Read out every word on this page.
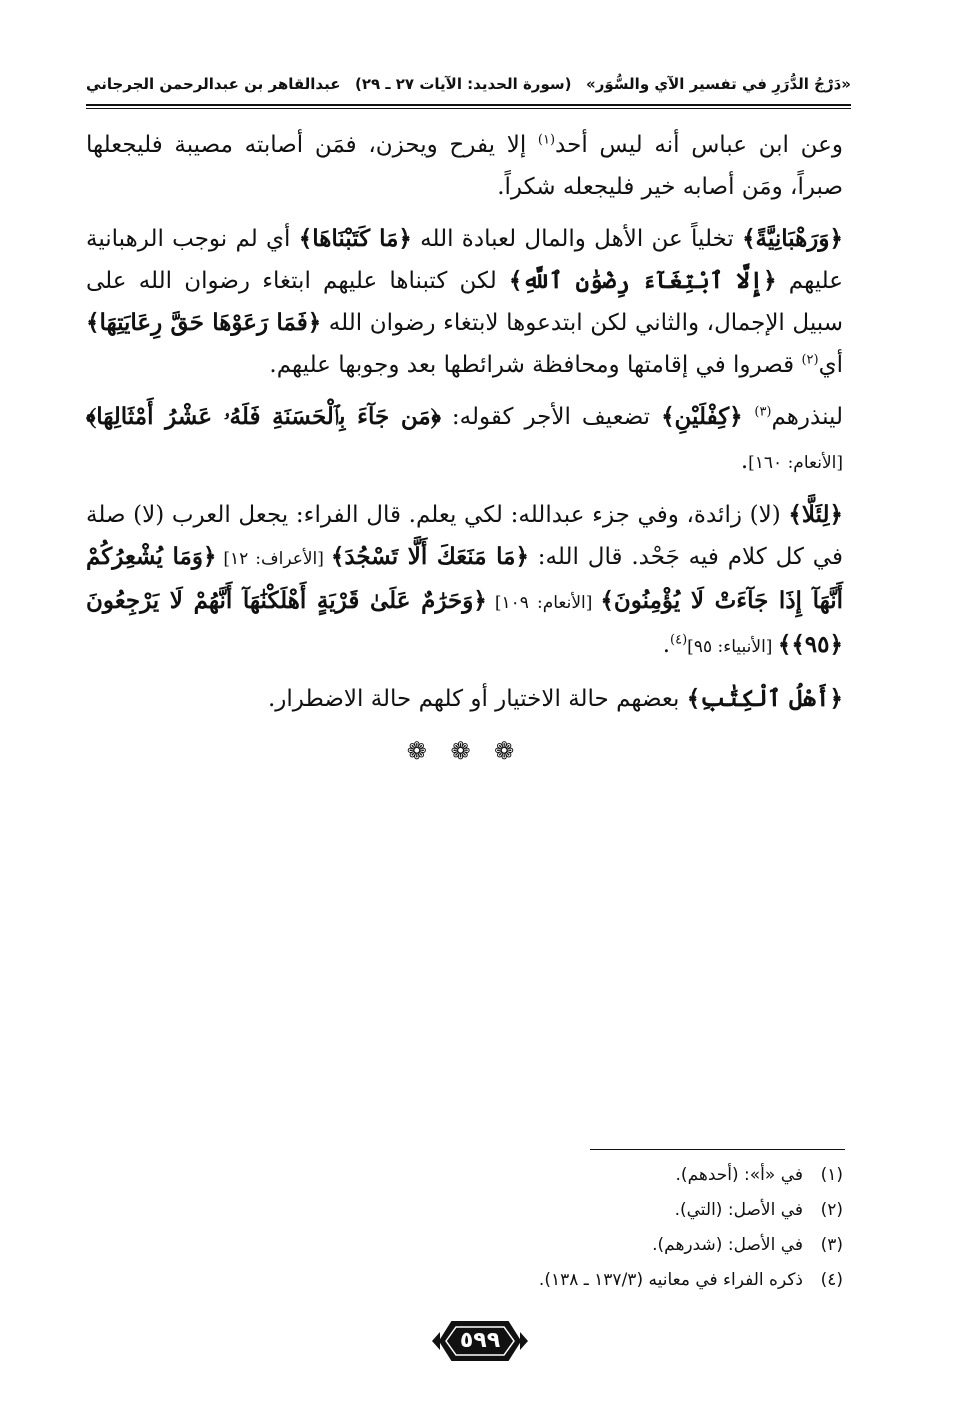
«دَرْجُ الدُّرَرِ في تفسير الآي والسُّوَر»
(سورة الحديد: الآيات ٢٧ ـ ٢٩)
عبدالقاهر بن عبدالرحمن الجرجاني

وعن ابن عباس أنه ليس أحد$^{(١)}$ إلا يفرح ويحزن، فمَن أصابته مصيبة فليجعلها صبراً، ومَن أصابه خير فليجعله شكراً.

﴿وَرَهْبَانِيَّةً﴾ تخلياً عن الأهل والمال لعبادة الله ﴿مَا كَتَبْنَاهَا﴾ أي لم نوجب الرهبانية عليهم ﴿إِلَّا ٱبْتِغَآءَ رِضْوَٰنِ ٱللَّهِ﴾ لكن كتبناها عليهم ابتغاء رضوان الله على سبيل الإجمال، والثاني لكن ابتدعوها لابتغاء رضوان الله ﴿فَمَا رَعَوْهَا حَقَّ رِعَايَتِهَا﴾ أي$^{(٢)}$ قصروا في إقامتها ومحافظة شرائطها بعد وجوبها عليهم.

لينذرهم$^{(٣)}$ ﴿كِفْلَيْنِ﴾ تضعيف الأجر كقوله: ﴿مَن جَآءَ بِٱلْحَسَنَةِ فَلَهُۥ عَشْرُ أَمْثَالِهَا﴾ [الأنعام: ١٦٠].

﴿لِئَلَّا﴾ (لا) زائدة، وفي جزء عبدالله: لكي يعلم. قال الفراء: يجعل العرب (لا) صلة في كل كلام فيه جَحْد. قال الله: ﴿مَا مَنَعَكَ أَلَّا تَسْجُدَ﴾ [الأعراف: ١٢] ﴿وَمَا يُشْعِرُكُمْ أَنَّهَآ إِذَا جَآءَتْ لَا يُؤْمِنُونَ﴾ [الأنعام: ١٠٩] ﴿وَحَرَٰمٌ عَلَىٰ قَرْيَةٍ أَهْلَكْنَٰهَآ أَنَّهُمْ لَا يَرْجِعُونَ ﴿٩٥﴾﴾ [الأنبياء: ٩٥]$^{(٤)}$.

﴿أَهْلُ ٱلْكِتَٰبِ﴾ بعضهم حالة الاختيار أو كلهم حالة الاضطرار.

❁ ❁ ❁
(١)
في «أ»: (أحدهم).
(٢)
في الأصل: (التي).
(٣)
في الأصل: (شدرهم).
(٤)
ذكره الفراء في معانيه (١٣٧/٣ ـ ١٣٨).
٥٩٩
